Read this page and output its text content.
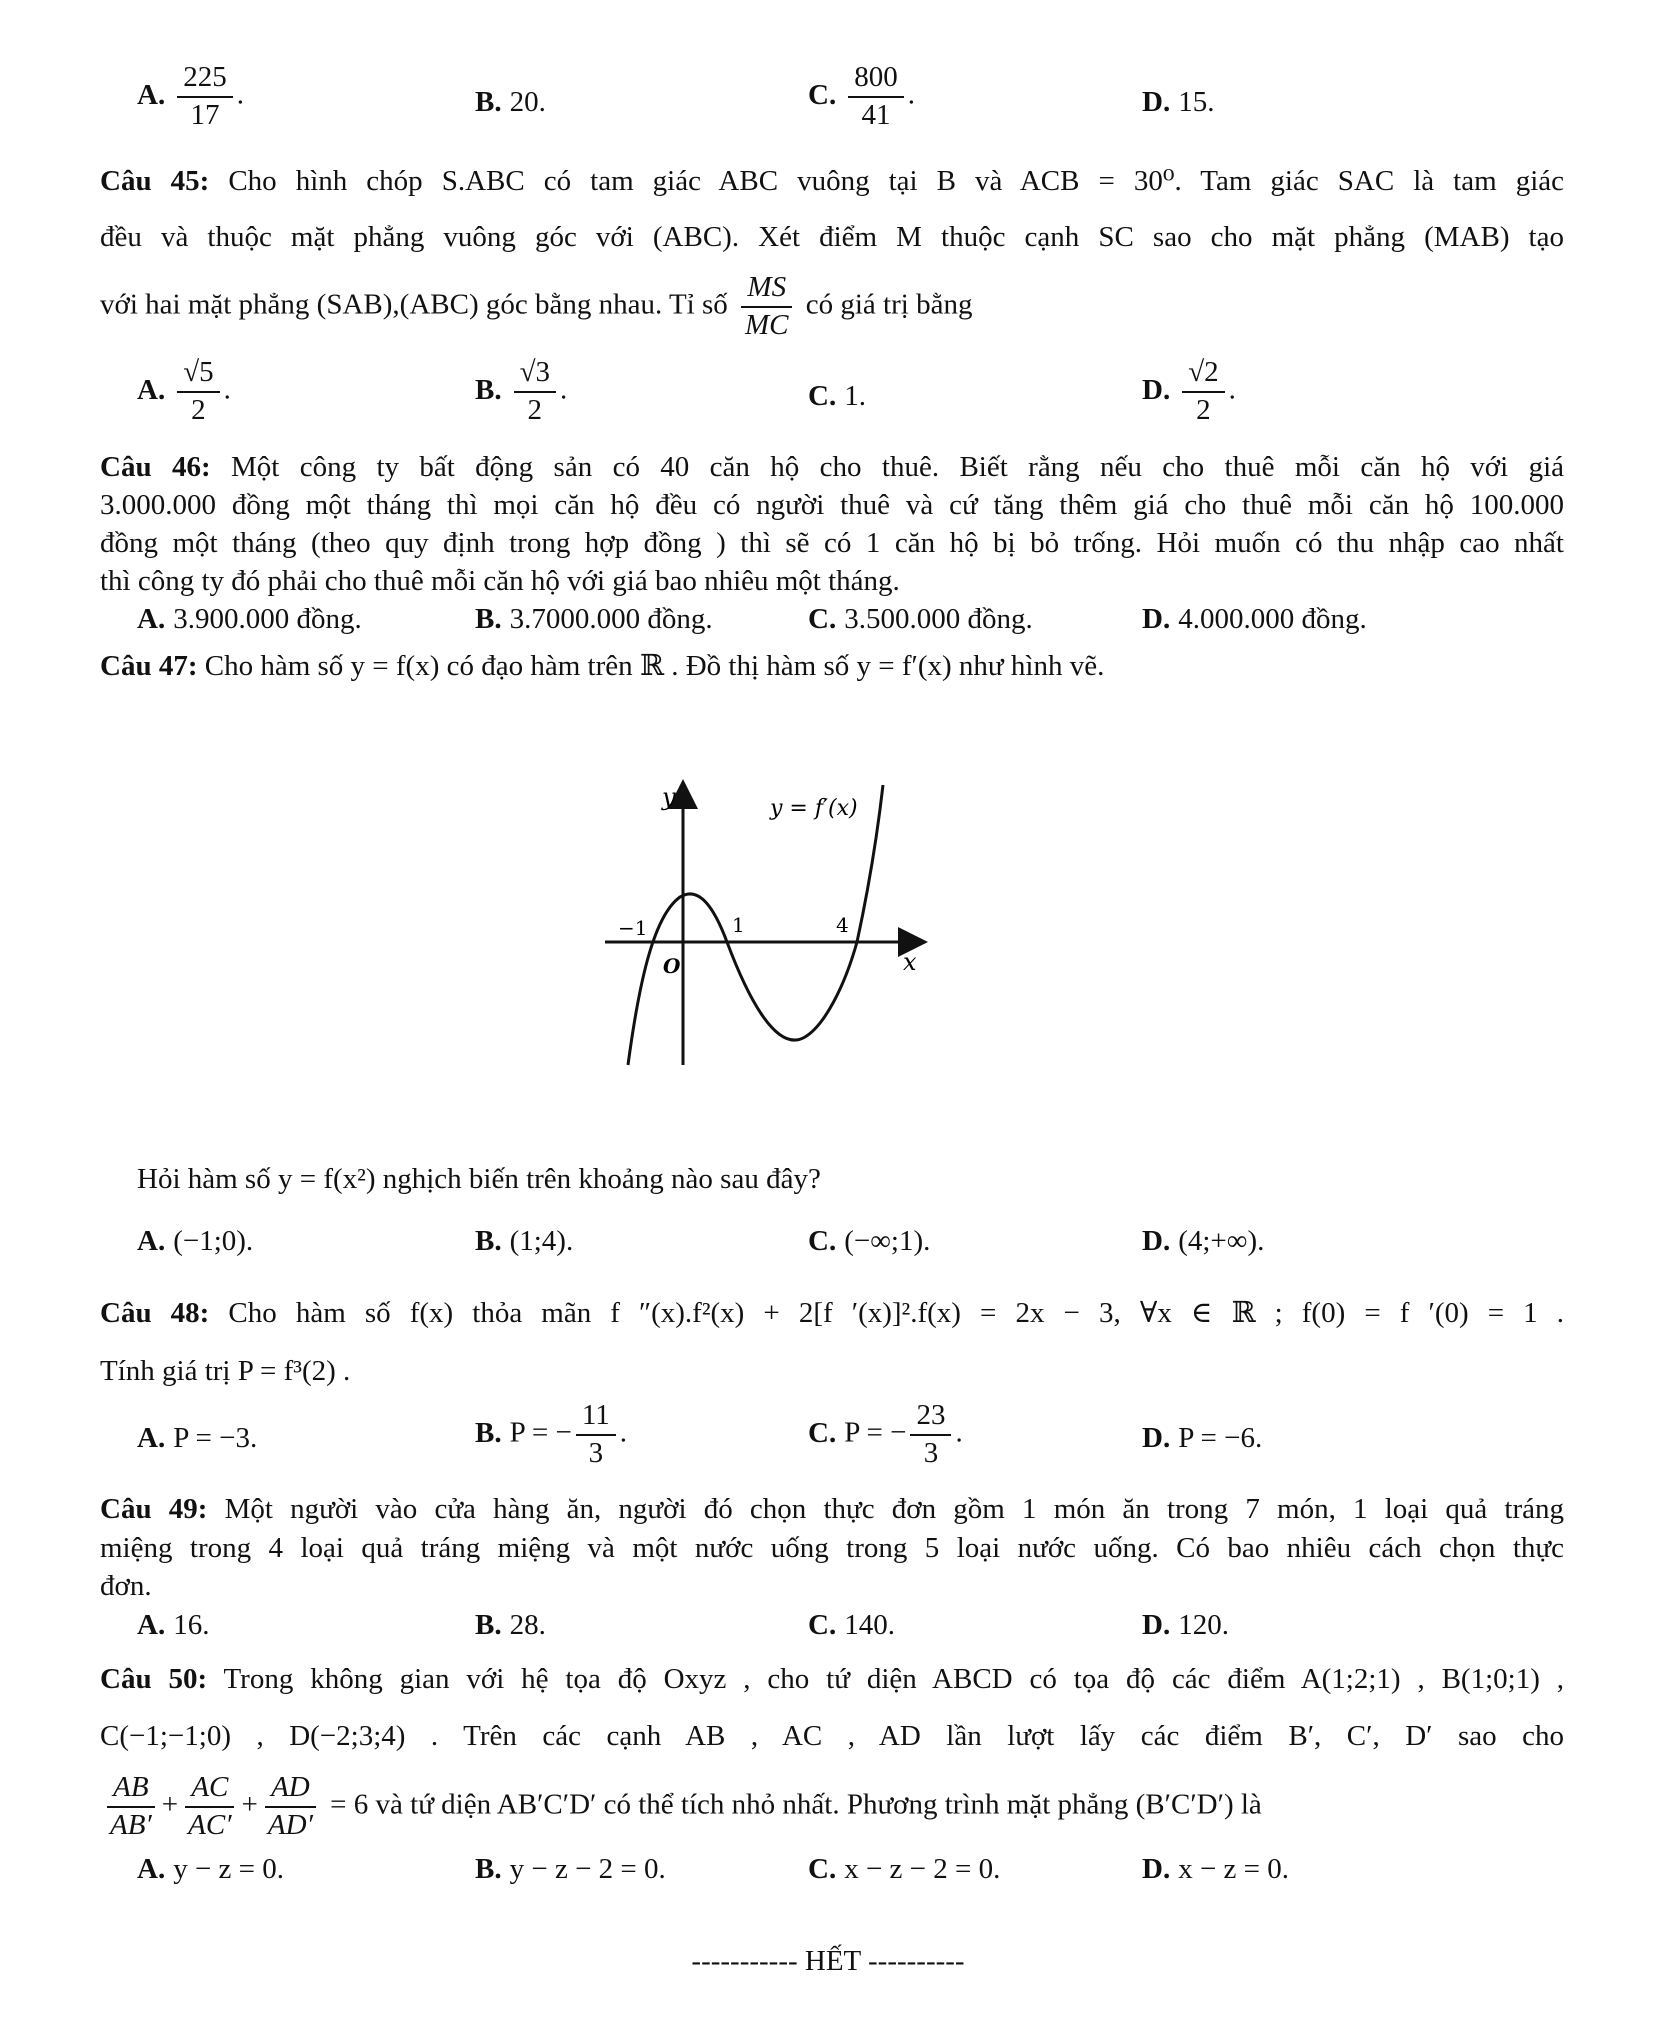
A. $\frac{225}{17}$ .	B. 20.	C. $\frac{800}{41}$ .	D. 15.
Câu 45: Cho hình chóp S.ABC có tam giác ABC vuông tại B và ACB = 30⁰. Tam giác SAC là tam giác
đều và thuộc mặt phẳng vuông góc với (ABC). Xét điểm M thuộc cạnh SC sao cho mặt phẳng (MAB) tạo
với hai mặt phẳng (SAB),(ABC) góc bằng nhau. Tỉ số $\frac{MS}{MC}$ có giá trị bằng
A. $\frac{√5}{2}$ .	B. $\frac{√3}{2}$ .	C. 1.	D. $\frac{√2}{2}$ .
Câu 46: Một công ty bất động sản có 40 căn hộ cho thuê. Biết rằng nếu cho thuê mỗi căn hộ với giá
3.000.000 đồng một tháng thì mọi căn hộ đều có người thuê và cứ tăng thêm giá cho thuê mỗi căn hộ 100.000
đồng một tháng (theo quy định trong hợp đồng ) thì sẽ có 1 căn hộ bị bỏ trống. Hỏi muốn có thu nhập cao nhất
thì công ty đó phải cho thuê mỗi căn hộ với giá bao nhiêu một tháng.
A. 3.900.000 đồng.	B. 3.7000.000 đồng.	C. 3.500.000 đồng.	D. 4.000.000 đồng.
Câu 47: Cho hàm số y = f(x) có đạo hàm trên ℝ . Đồ thị hàm số y = f′(x) như hình vẽ.
y
x
y = f′(x)
O
−1	1	4
Hỏi hàm số y = f(x²) nghịch biến trên khoảng nào sau đây?
A. (−1;0).	B. (1;4).	C. (−∞;1).	D. (4;+∞).
Câu 48: Cho hàm số f(x) thỏa mãn f ″(x).f²(x) + 2[f ′(x)]².f(x) = 2x − 3, ∀x ∈ ℝ ; f(0) = f ′(0) = 1 .
Tính giá trị P = f³(2) .
A. P = −3.	B. P = − $\frac{11}{3}$ .	C. P = − $\frac{23}{3}$ .	D. P = −6.
Câu 49: Một người vào cửa hàng ăn, người đó chọn thực đơn gồm 1 món ăn trong 7 món, 1 loại quả tráng
miệng trong 4 loại quả tráng miệng và một nước uống trong 5 loại nước uống. Có bao nhiêu cách chọn thực
đơn.
A. 16.	B. 28.	C. 140.	D. 120.
Câu 50: Trong không gian với hệ tọa độ Oxyz , cho tứ diện ABCD có tọa độ các điểm A(1;2;1) , B(1;0;1) ,
C(−1;−1;0) , D(−2;3;4) . Trên các cạnh AB , AC , AD lần lượt lấy các điểm B′, C′, D′ sao cho
$\frac{AB}{AB'} + \frac{AC}{AC'} + \frac{AD}{AD'} = 6$ và tứ diện AB′C′D′ có thể tích nhỏ nhất. Phương trình mặt phẳng (B′C′D′) là
A. y − z = 0.	B. y − z − 2 = 0.	C. x − z − 2 = 0.	D. x − z = 0.
----------- HẾT ----------
